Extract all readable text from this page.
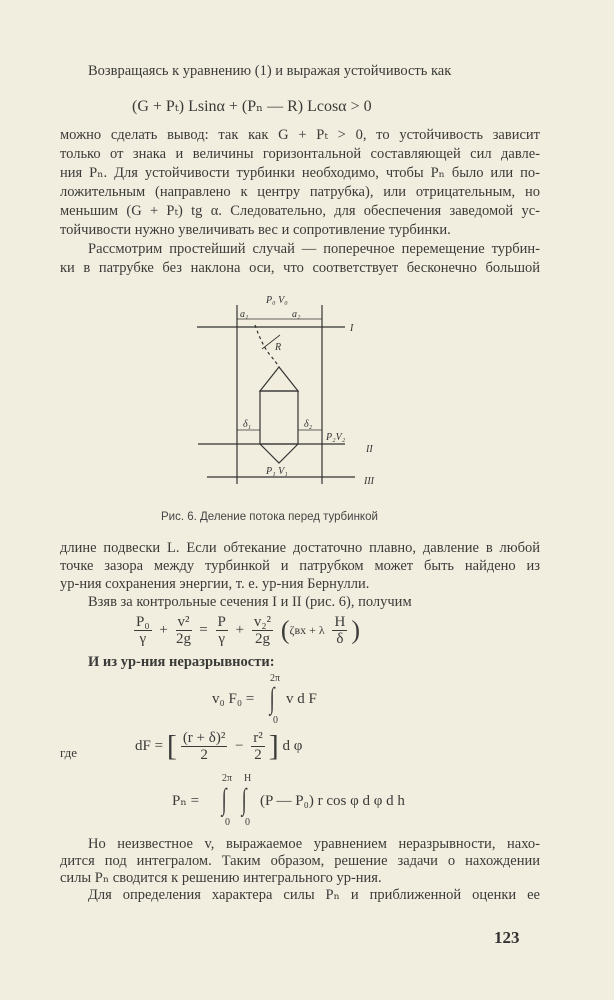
Возвращаясь к уравнению (1) и выражая устойчивость как
(G + Pₜ) Lsinα + (Pₙ — R) Lcosα > 0
можно сделать вывод: так как G + Pₜ > 0, то устойчивость зависит
только от знака и величины горизонтальной составляющей сил давле-
ния Pₙ. Для устойчивости турбинки необходимо, чтобы Pₙ было или по-
ложительным (направлено к центру патрубка), или отрицательным, но
меньшим (G + Pₜ) tg α. Следовательно, для обеспечения заведомой ус-
тойчивости нужно увеличивать вес и сопротивление турбинки.
Рассмотрим простейший случай — поперечное перемещение турбин-
ки в патрубке без наклона оси, что соответствует бесконечно большой
a₁
P₀ V₀
a₂
R
δ₁	δ₂
P₂V₂
P₁ V₁
I
II
III
Рис. 6. Деление потока перед турбинкой
длине подвески L. Если обтекание достаточно плавно, давление в любой
точке зазора между турбинкой и патрубком может быть найдено из
ур-ния сохранения энергии, т. е. ур-ния Бернулли.
Взяв за контрольные сечения I и II (рис. 6), получим
$\frac{\text{P₀}}{\gamma} + \frac{\text{v²}}{2g} = \frac{P}{\gamma} + \frac{\text{v₂²}}{2g} (\zeta вх + \lambda \frac{H}{\delta}$ )
И из ур-ния неразрывности:
v₀ F₀ =
2π
∫
0
v d F
где	dF = [ $\frac{\text{(r + δ)²}}{2} - \frac{\text{r²}}{2}$ ] d φ
Pₙ =
2π H
∫ ∫
0 0
(P — P₀) r cos φ d φ d h
Но неизвестное v, выражаемое уравнением неразрывности, нахо-
дится под интегралом. Таким образом, решение задачи о нахождении
силы Pₙ сводится к решению интегрального ур-ния.
Для определения характера силы Pₙ и приближенной оценки ее
123
